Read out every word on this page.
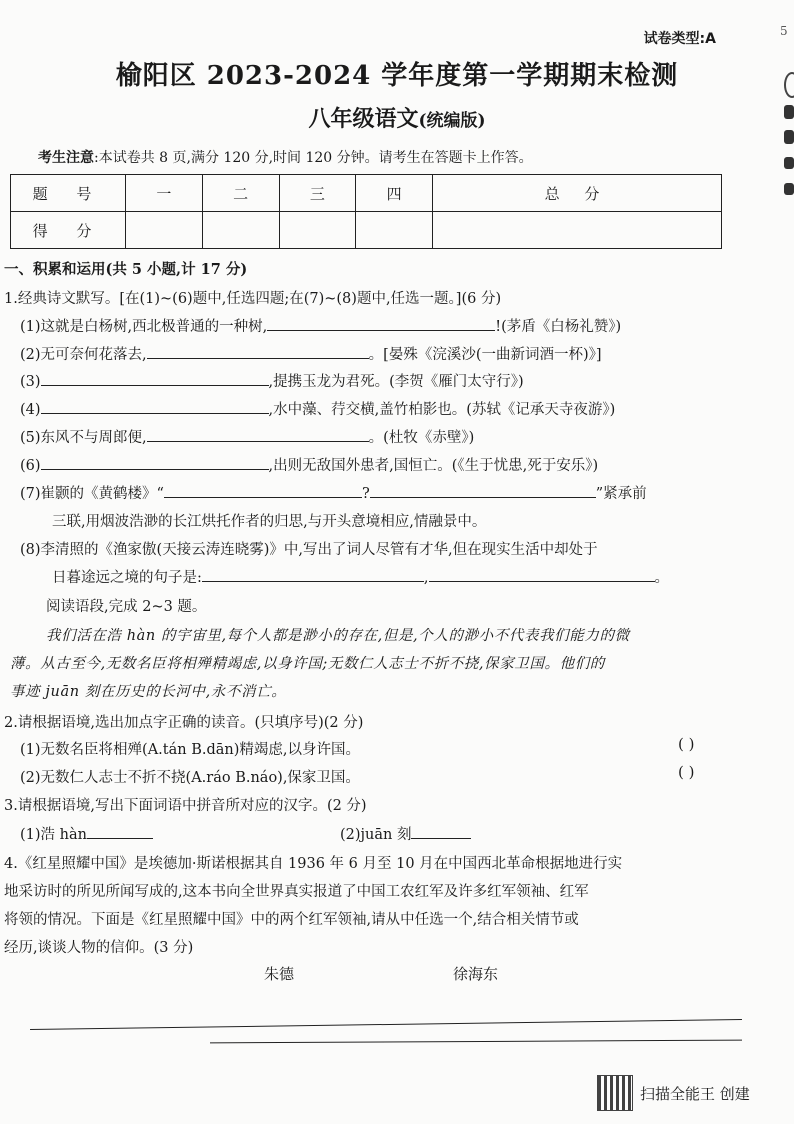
试卷类型:A	5
榆阳区 2023-2024 学年度第一学期期末检测
八年级语文(统编版)
考生注意:本试卷共 8 页,满分 120 分,时间 120 分钟。请考生在答题卡上作答。
题 号	一	二	三	四	总 分
得 分					
一、积累和运用(共 5 小题,计 17 分)
1.经典诗文默写。[在(1)~(6)题中,任选四题;在(7)~(8)题中,任选一题。](6 分)
(1)这就是白杨树,西北极普通的一种树,	!(茅盾《白杨礼赞》)
(2)无可奈何花落去,	。[晏殊《浣溪沙(一曲新词酒一杯)》]
(3)	,提携玉龙为君死。(李贺《雁门太守行》)
(4)	,水中藻、荇交横,盖竹柏影也。(苏轼《记承天寺夜游》)
(5)东风不与周郎便,	。(杜牧《赤壁》)
(6)	,出则无敌国外患者,国恒亡。(《生于忧患,死于安乐》)
(7)崔颢的《黄鹤楼》“	?	”紧承前
三联,用烟波浩渺的长江烘托作者的归思,与开头意境相应,情融景中。
(8)李清照的《渔家傲(天接云涛连晓雾)》中,写出了词人尽管有才华,但在现实生活中却处于
日暮途远之境的句子是:	,	。
阅读语段,完成 2~3 题。
我们活在浩 hàn 的宇宙里,每个人都是渺小的存在,但是,个人的渺小不代表我们能力的微
薄。从古至今,无数名臣将相殚精竭虑,以身许国;无数仁人志士不折不挠,保家卫国。他们的
事迹 juān 刻在历史的长河中,永不消亡。
2.请根据语境,选出加点字正确的读音。(只填序号)(2 分)
(1)无数名臣将相殚(A.tán B.dān)精竭虑,以身许国。	( )
(2)无数仁人志士不折不挠(A.ráo B.náo),保家卫国。	( )
3.请根据语境,写出下面词语中拼音所对应的汉字。(2 分)
(1)浩 hàn	(2)juān 刻
4.《红星照耀中国》是埃德加·斯诺根据其自 1936 年 6 月至 10 月在中国西北革命根据地进行实
地采访时的所见所闻写成的,这本书向全世界真实报道了中国工农红军及许多红军领袖、红军
将领的情况。下面是《红星照耀中国》中的两个红军领袖,请从中任选一个,结合相关情节或
经历,谈谈人物的信仰。(3 分)
朱德	徐海东
扫描全能王 创建
